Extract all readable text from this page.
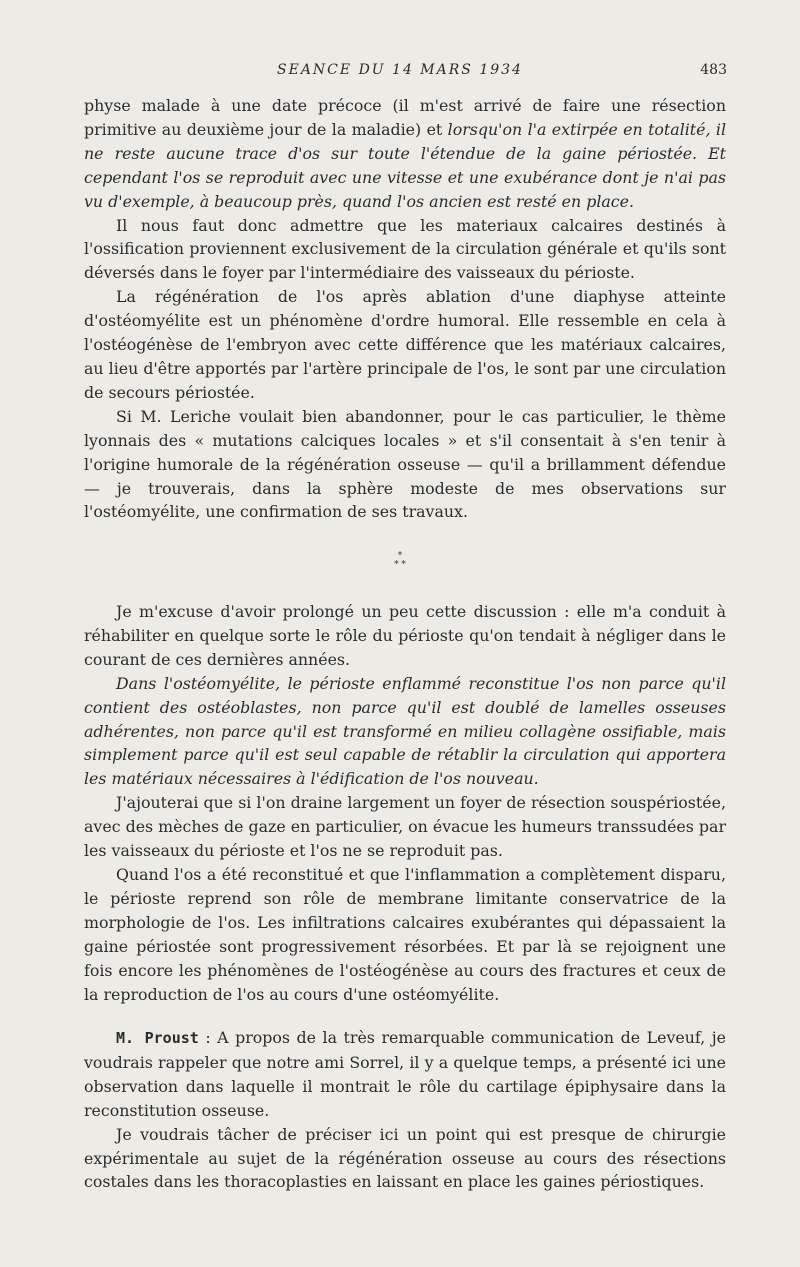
SEANCE DU 14 MARS 1934	483

physe malade à une date précoce (il m'est arrivé de faire une résection primitive au deuxième jour de la maladie) et lorsqu'on l'a extirpée en totalité, il ne reste aucune trace d'os sur toute l'étendue de la gaine périostée. Et cependant l'os se reproduit avec une vitesse et une exubérance dont je n'ai pas vu d'exemple, à beaucoup près, quand l'os ancien est resté en place.

Il nous faut donc admettre que les materiaux calcaires destinés à l'ossification proviennent exclusivement de la circulation générale et qu'ils sont déversés dans le foyer par l'intermédiaire des vaisseaux du périoste.

La régénération de l'os après ablation d'une diaphyse atteinte d'ostéomyélite est un phénomène d'ordre humoral. Elle ressemble en cela à l'ostéogénèse de l'embryon avec cette différence que les matériaux calcaires, au lieu d'être apportés par l'artère principale de l'os, le sont par une circulation de secours périostée.

Si M. Leriche voulait bien abandonner, pour le cas particulier, le thème lyonnais des « mutations calciques locales » et s'il consentait à s'en tenir à l'origine humorale de la régénération osseuse — qu'il a brillamment défendue — je trouverais, dans la sphère modeste de mes observations sur l'ostéomyélite, une confirmation de ses travaux.

*
* *

Je m'excuse d'avoir prolongé un peu cette discussion : elle m'a conduit à réhabiliter en quelque sorte le rôle du périoste qu'on tendait à négliger dans le courant de ces dernières années.

Dans l'ostéomyélite, le périoste enflammé reconstitue l'os non parce qu'il contient des ostéoblastes, non parce qu'il est doublé de lamelles osseuses adhérentes, non parce qu'il est transformé en milieu collagène ossifiable, mais simplement parce qu'il est seul capable de rétablir la circulation qui apportera les matériaux nécessaires à l'édification de l'os nouveau.

J'ajouterai que si l'on draine largement un foyer de résection souspériostée, avec des mèches de gaze en particulier, on évacue les humeurs transsudées par les vaisseaux du périoste et l'os ne se reproduit pas.

Quand l'os a été reconstitué et que l'inflammation a complètement disparu, le périoste reprend son rôle de membrane limitante conservatrice de la morphologie de l'os. Les infiltrations calcaires exubérantes qui dépassaient la gaine périostée sont progressivement résorbées. Et par là se rejoignent une fois encore les phénomènes de l'ostéogénèse au cours des fractures et ceux de la reproduction de l'os au cours d'une ostéomyélite.

M. Proust : A propos de la très remarquable communication de Leveuf, je voudrais rappeler que notre ami Sorrel, il y a quelque temps, a présenté ici une observation dans laquelle il montrait le rôle du cartilage épiphysaire dans la reconstitution osseuse.

Je voudrais tâcher de préciser ici un point qui est presque de chirurgie expérimentale au sujet de la régénération osseuse au cours des résections costales dans les thoracoplasties en laissant en place les gaines périostiques.
